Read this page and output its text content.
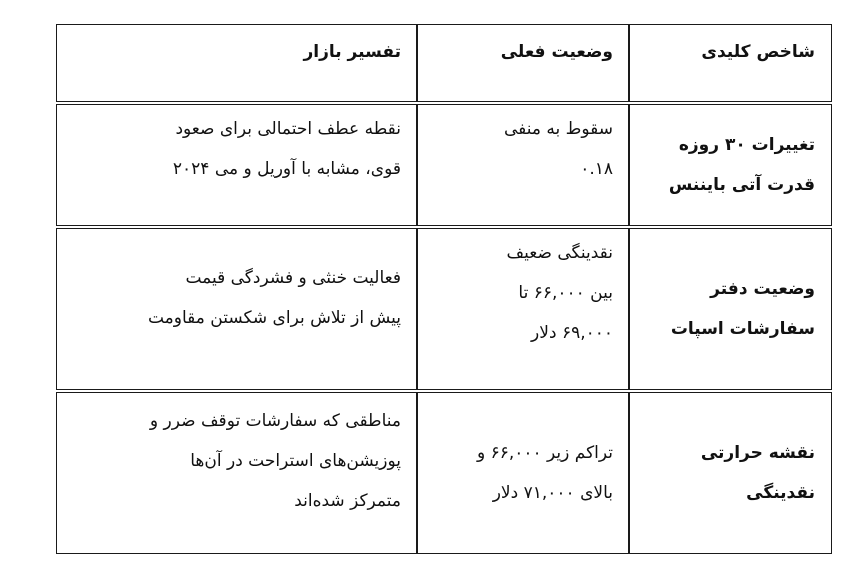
شاخص کلیدی
وضعیت فعلی
تفسیر بازار
تغییرات ۳۰ روزه
قدرت آتی بایننس
سقوط به منفی
۰.۱۸
نقطه عطف احتمالی برای صعود
قوی، مشابه با آوریل و می ۲۰۲۴
وضعیت دفتر
سفارشات اسپات
نقدینگی ضعیف
بین ۶۶,۰۰۰ تا
۶۹,۰۰۰ دلار
فعالیت خنثی و فشردگی قیمت
پیش از تلاش برای شکستن مقاومت
نقشه حرارتی
نقدینگی
تراکم زیر ۶۶,۰۰۰ و
بالای ۷۱,۰۰۰ دلار
مناطقی که سفارشات توقف ضرر و
پوزیشن‌های استراحت در آن‌ها
متمرکز شده‌اند
